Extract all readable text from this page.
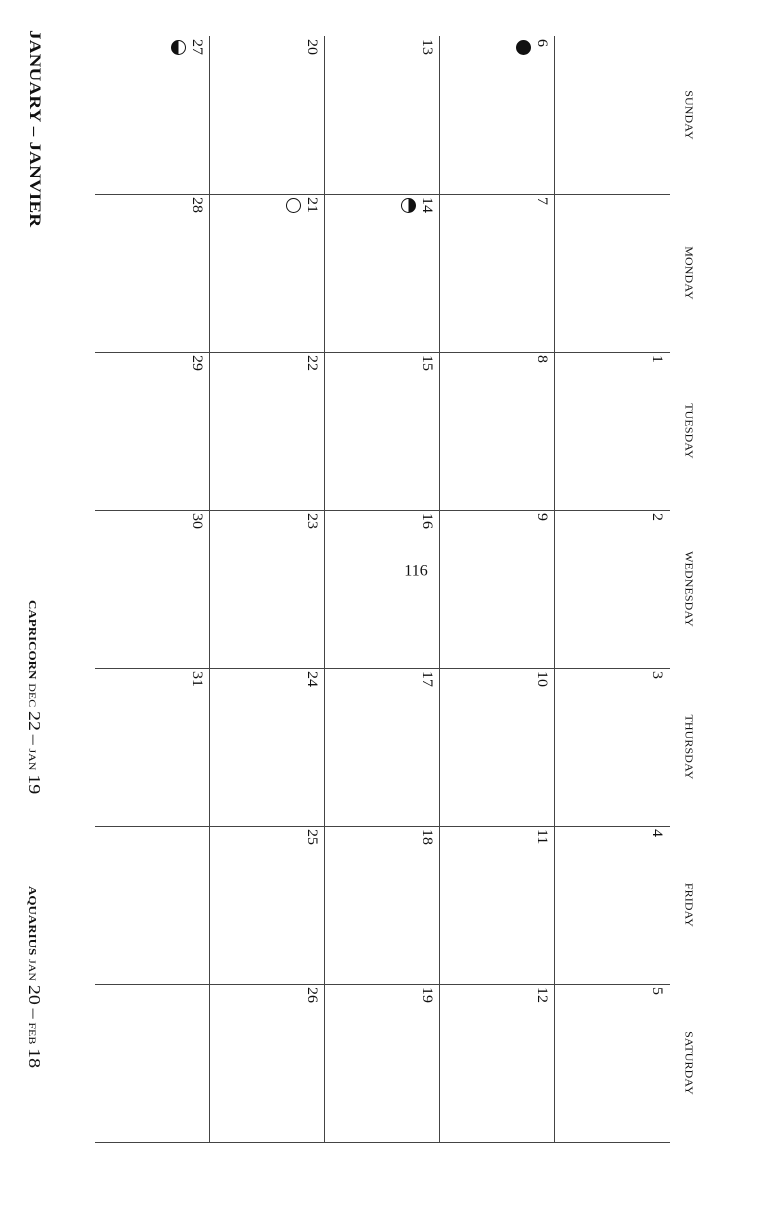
JANUARY – JANVIER
CAPRICORN DEC 22 – JAN 19
AQUARIUS JAN 20 – FEB 18
SUNDAY
MONDAY
TUESDAY
WEDNESDAY
THURSDAY
FRIDAY
SATURDAY
1
2
3
4
5
6
7
8
9
10
11
12
13
14
15
16
17
18
19
20
21
22
23
24
25
26
27
28
29
30
31
116
